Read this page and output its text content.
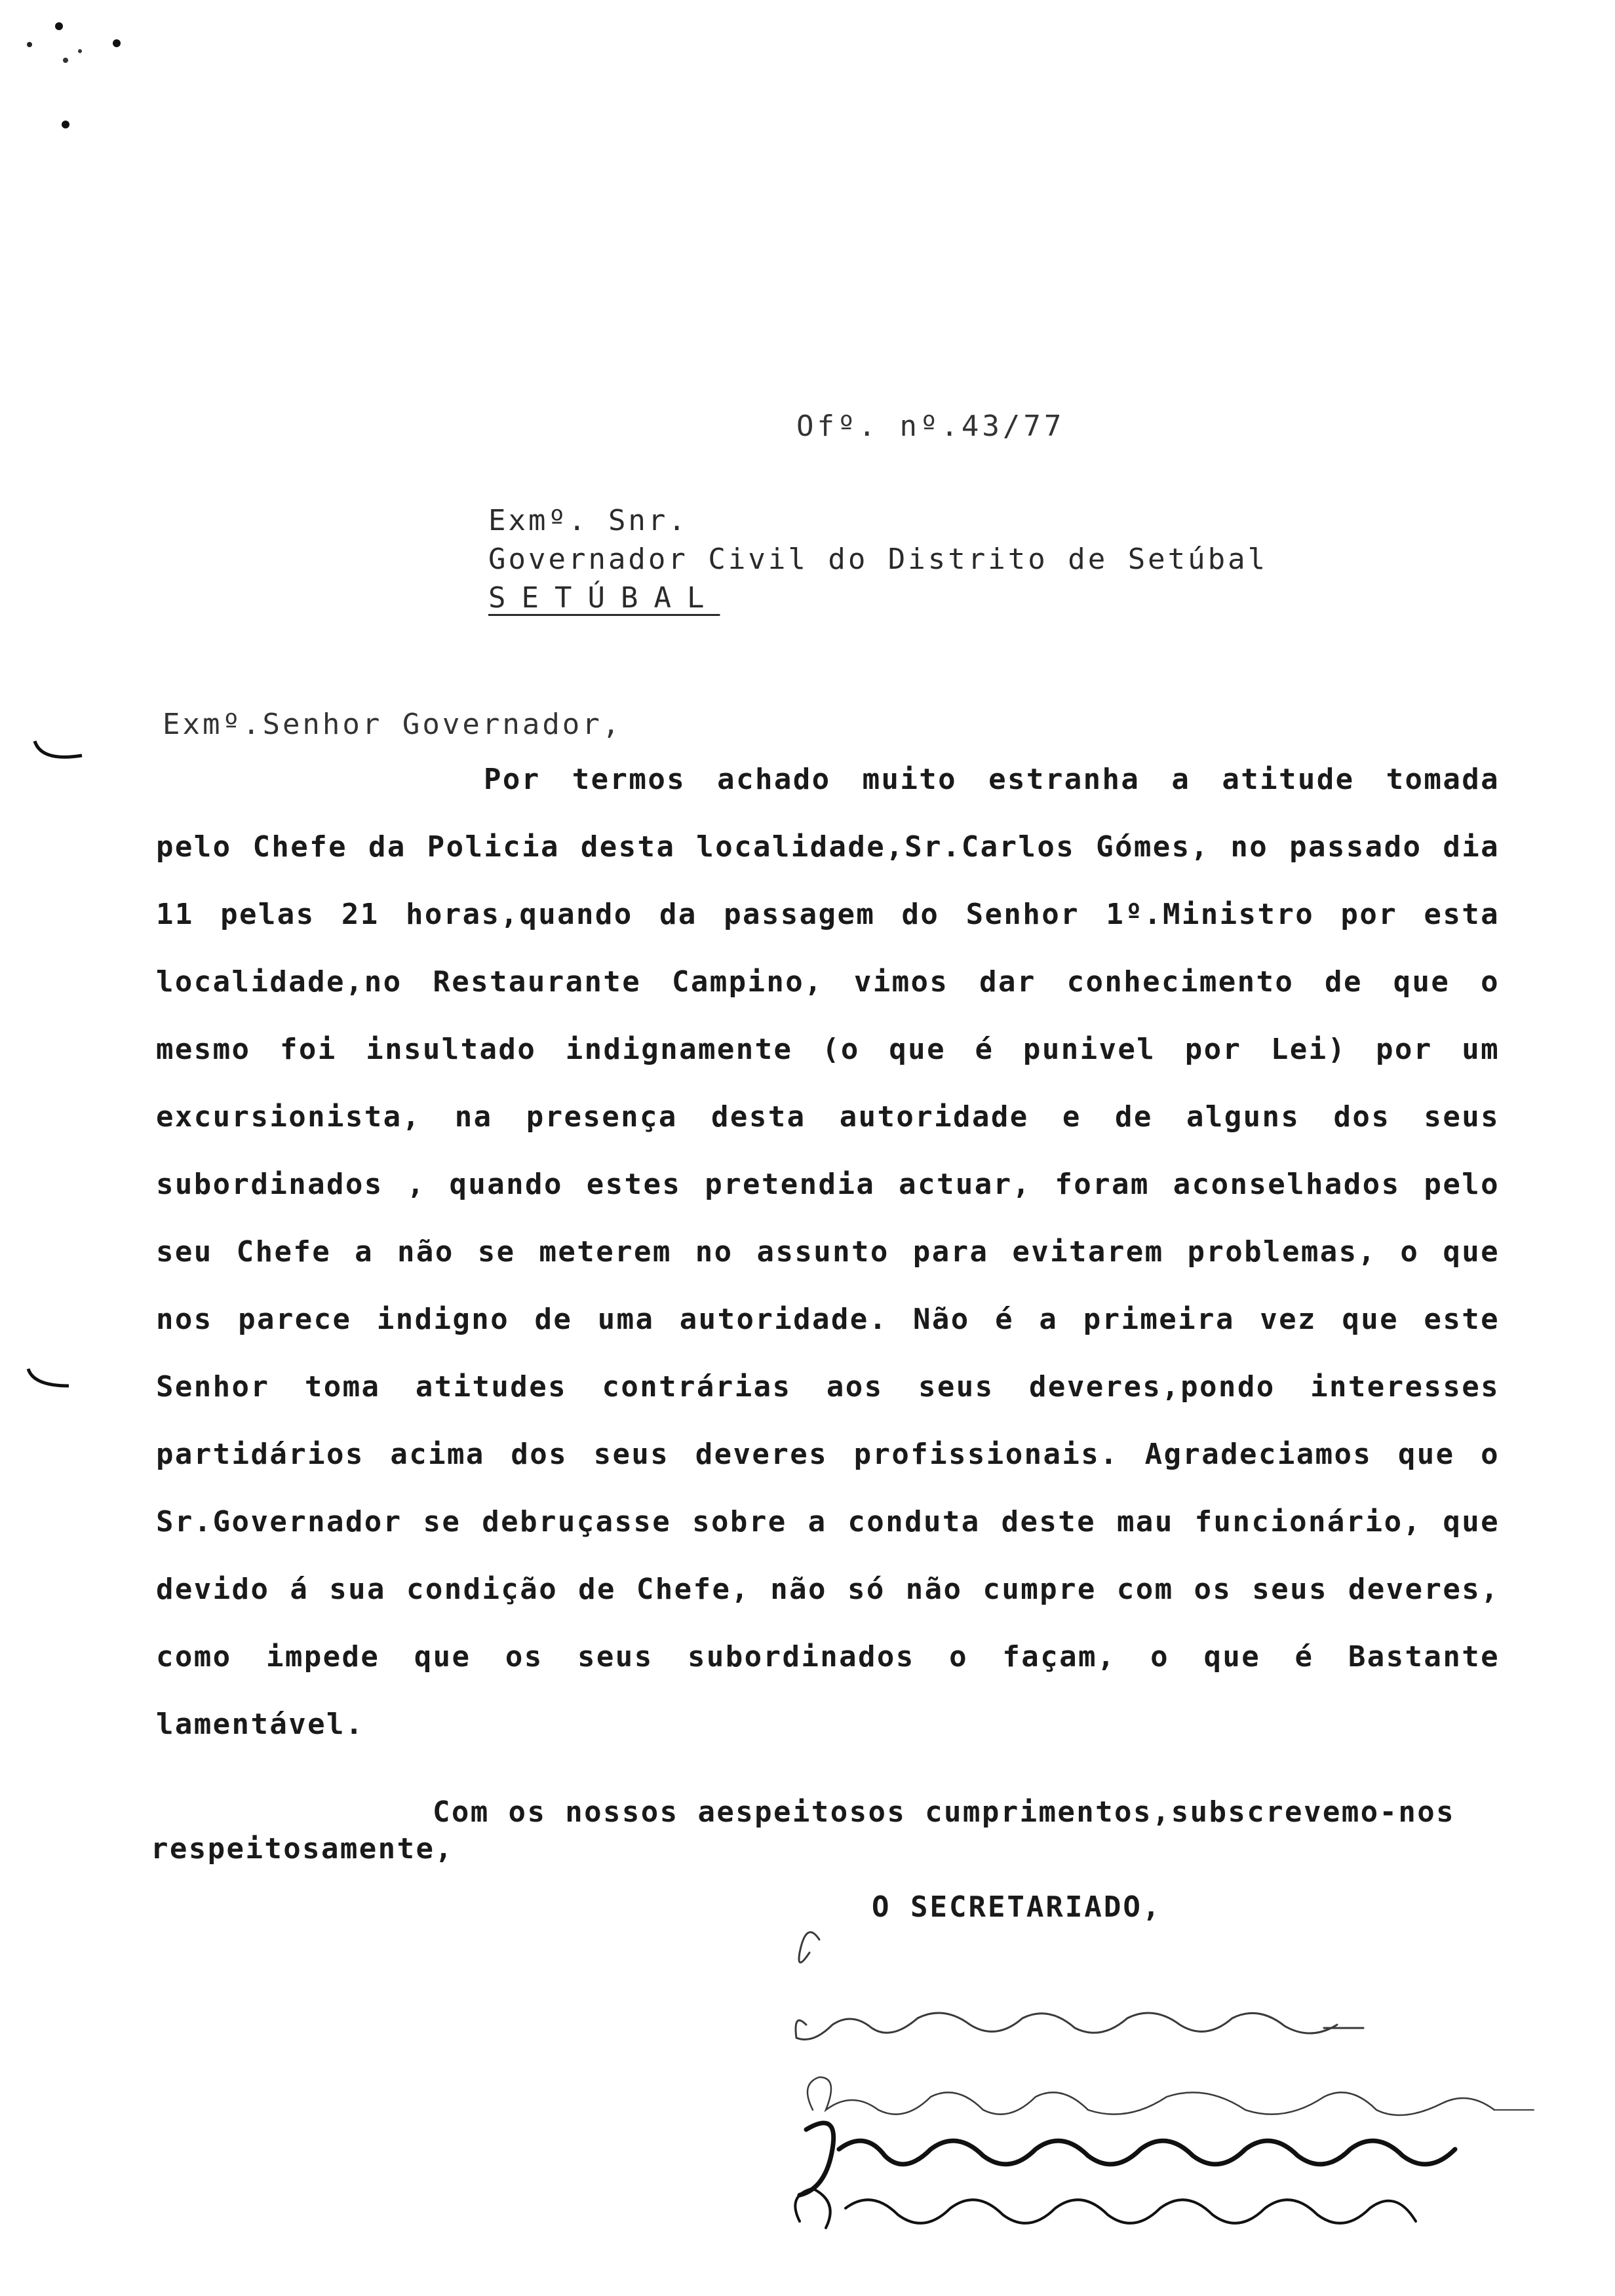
Ofº. nº.43/77
Exmº. Snr.
Governador Civil do Distrito de Setúbal
SETÚBAL
Exmº.Senhor Governador,

Por termos achado muito estranha a atitude tomada pelo Chefe da Policia desta localidade,Sr.Carlos Gómes, no passado dia 11 pelas 21 horas,quando da passagem do Senhor 1º.Ministro por esta localidade,no Restaurante Campino, vimos dar conhecimento de que o mesmo foi insultado indignamente (o que é punivel por Lei) por um excursionista, na presença desta autoridade e de alguns dos seus subordinados , quando estes pretendia actuar, foram aconselhados pelo seu Chefe a não se meterem no assunto para evitarem problemas, o que nos parece indigno de uma autoridade. Não é a primeira vez que este Senhor toma atitudes contrárias aos seus deveres,pondo interesses partidários acima dos seus deveres profissionais. Agradeciamos que o Sr.Governador se debruçasse sobre a conduta deste mau funcionário, que devido á sua condição de Chefe, não só não cumpre com os seus deveres, como impede que os seus subordinados o façam, o que é Bastante lamentável.

Com os nossos aespeitosos cumprimentos,subscrevemo-nos respeitosamente,

O SECRETARIADO,
